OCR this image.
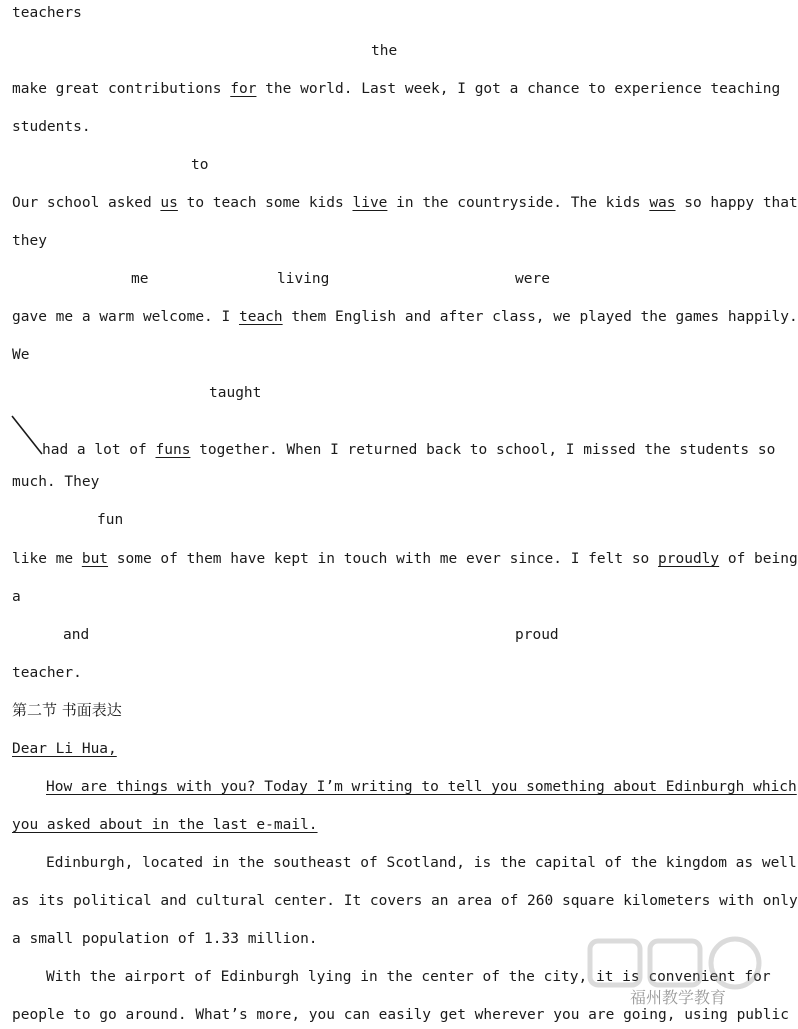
teachers
the
make great contributions for the world. Last week, I got a chance to experience teaching
students.
to
Our school asked us to teach some kids live in the countryside. The kids was so happy that
they
me	living	were
gave me a warm welcome. I teach them English and after class, we played the games happily.
We
taught
had a lot of funs together. When I returned back to school, I missed the students so
much. They
fun
like me but some of them have kept in touch with me ever since. I felt so proudly of being
a
and	proud
teacher.
第二节 书面表达
Dear Li Hua,
How are things with you? Today I’m writing to tell you something about Edinburgh which
you asked about in the last e-mail.
Edinburgh, located in the southeast of Scotland, is the capital of the kingdom as well
as its political and cultural center. It covers an area of 260 square kilometers with only
a small population of 1.33 million.
With the airport of Edinburgh lying in the center of the city, it is convenient for
people to go around. What’s more, you can easily get wherever you are going, using public
福州教学教育
